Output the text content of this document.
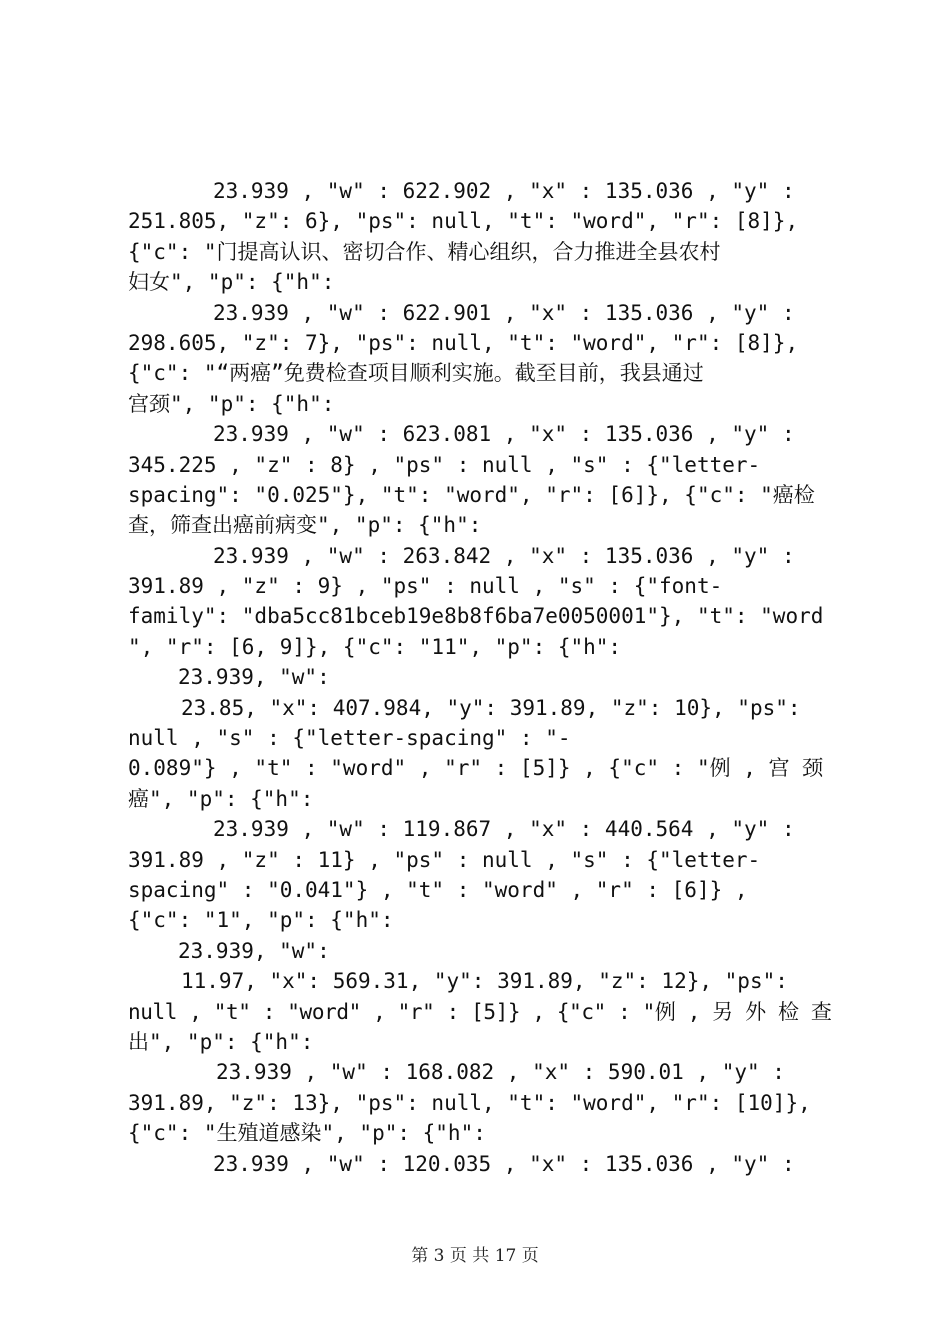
23.939 , "w" : 622.902 , "x" : 135.036 , "y" :
251.805, "z": 6}, "ps": null, "t": "word", "r": [8]},
{"c": "门提高认识、密切合作、精心组织，合力推进全县农村
妇女", "p": {"h":
23.939 , "w" : 622.901 , "x" : 135.036 , "y" :
298.605, "z": 7}, "ps": null, "t": "word", "r": [8]},
{"c": "“两癌”免费检查项目顺利实施。截至目前，我县通过
宫颈", "p": {"h":
23.939 , "w" : 623.081 , "x" : 135.036 , "y" :
345.225 , "z" : 8} , "ps" : null , "s" : {"letter-
spacing": "0.025"}, "t": "word", "r": [6]}, {"c": "癌检
查，筛查出癌前病变", "p": {"h":
23.939 , "w" : 263.842 , "x" : 135.036 , "y" :
391.89 , "z" : 9} , "ps" : null , "s" : {"font-
family": "dba5cc81bceb19e8b8f6ba7e0050001"}, "t": "word
", "r": [6, 9]}, {"c": "11", "p": {"h":
23.939, "w":
23.85, "x": 407.984, "y": 391.89, "z": 10}, "ps":
null , "s" : {"letter-spacing" : "-
0.089"} , "t" : "word" , "r" : [5]} , {"c" : "例 , 宫 颈
癌", "p": {"h":
23.939 , "w" : 119.867 , "x" : 440.564 , "y" :
391.89 , "z" : 11} , "ps" : null , "s" : {"letter-
spacing" : "0.041"} , "t" : "word" , "r" : [6]} ,
{"c": "1", "p": {"h":
23.939, "w":
11.97, "x": 569.31, "y": 391.89, "z": 12}, "ps":
null , "t" : "word" , "r" : [5]} , {"c" : "例 , 另 外 检 查
出", "p": {"h":
23.939 , "w" : 168.082 , "x" : 590.01 , "y" :
391.89, "z": 13}, "ps": null, "t": "word", "r": [10]},
{"c": "生殖道感染", "p": {"h":
23.939 , "w" : 120.035 , "x" : 135.036 , "y" :
第 3 页 共 17 页
